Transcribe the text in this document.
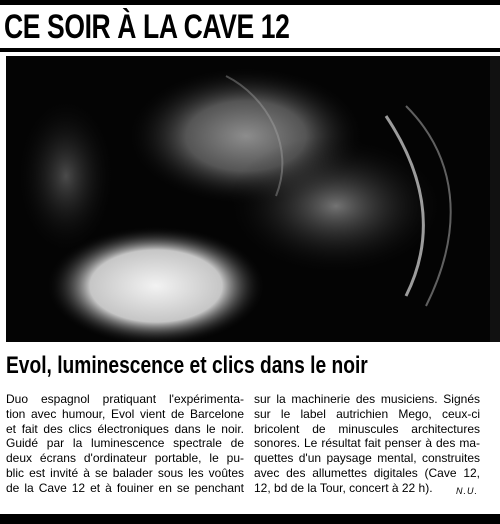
CE SOIR À LA CAVE 12
Evol, luminescence et clics dans le noir
Duo espagnol pratiquant l'expérimenta-
tion avec humour, Evol vient de Barcelone
et fait des clics électroniques dans le noir.
Guidé par la luminescence spectrale de
deux écrans d'ordinateur portable, le pu-
blic est invité à se balader sous les voûtes
de la Cave 12 et à fouiner en se penchant
sur la machinerie des musiciens. Signés
sur le label autrichien Mego, ceux-ci
bricolent de minuscules architectures
sonores. Le résultat fait penser à des ma-
quettes d'un paysage mental, construites
avec des allumettes digitales (Cave 12,
12, bd de la Tour, concert à 22 h).	N.U.
